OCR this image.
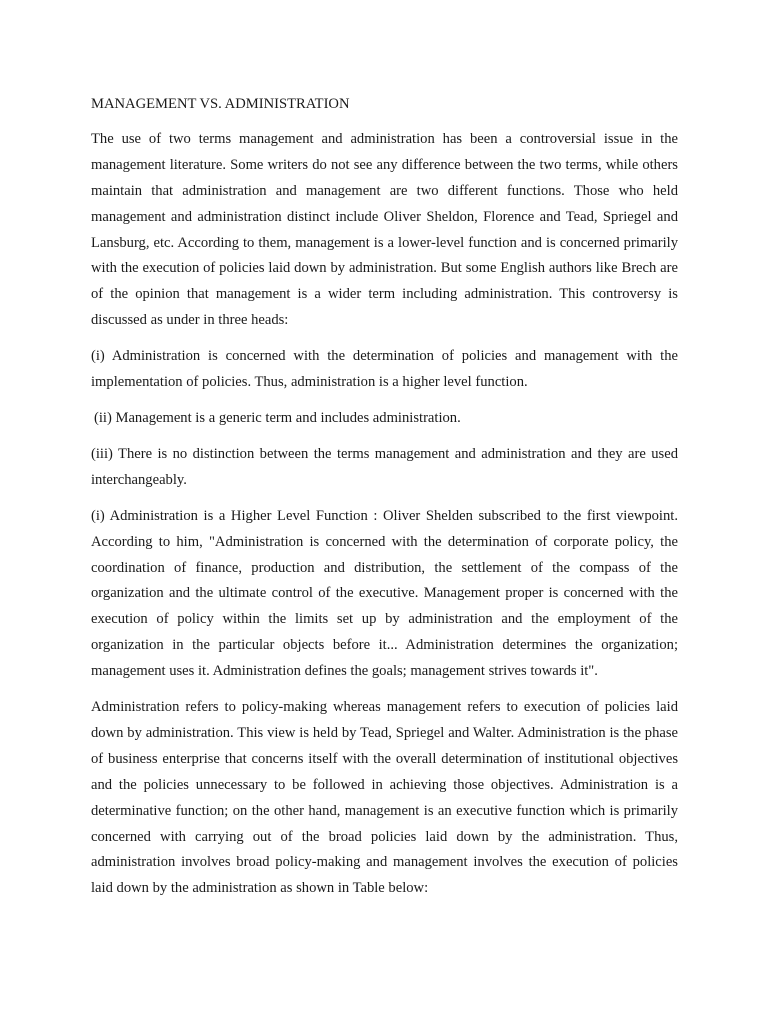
MANAGEMENT VS. ADMINISTRATION

The use of two terms management and administration has been a controversial issue in the management literature. Some writers do not see any difference between the two terms, while others maintain that administration and management are two different functions. Those who held management and administration distinct include Oliver Sheldon, Florence and Tead, Spriegel and Lansburg, etc. According to them, management is a lower-level function and is concerned primarily with the execution of policies laid down by administration. But some English authors like Brech are of the opinion that management is a wider term including administration. This controversy is discussed as under in three heads:

(i) Administration is concerned with the determination of policies and management with the implementation of policies. Thus, administration is a higher level function.

(ii) Management is a generic term and includes administration.

(iii) There is no distinction between the terms management and administration and they are used interchangeably.

(i) Administration is a Higher Level Function : Oliver Shelden subscribed to the first viewpoint. According to him, "Administration is concerned with the determination of corporate policy, the coordination of finance, production and distribution, the settlement of the compass of the organization and the ultimate control of the executive. Management proper is concerned with the execution of policy within the limits set up by administration and the employment of the organization in the particular objects before it... Administration determines the organization; management uses it. Administration defines the goals; management strives towards it".

Administration refers to policy-making whereas management refers to execution of policies laid down by administration. This view is held by Tead, Spriegel and Walter. Administration is the phase of business enterprise that concerns itself with the overall determination of institutional objectives and the policies unnecessary to be followed in achieving those objectives. Administration is a determinative function; on the other hand, management is an executive function which is primarily concerned with carrying out of the broad policies laid down by the administration. Thus, administration involves broad policy-making and management involves the execution of policies laid down by the administration as shown in Table below:
